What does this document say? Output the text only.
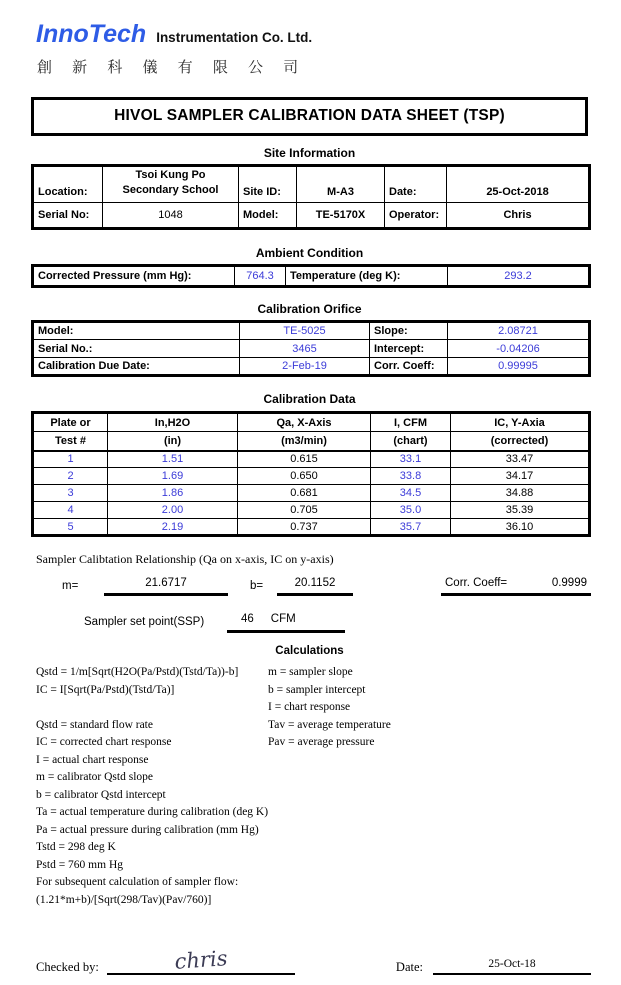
InnoTech Instrumentation Co. Ltd.
創 新 科 儀 有 限 公 司
HIVOL SAMPLER CALIBRATION DATA SHEET (TSP)
Site Information
Location:	Tsoi Kung Po Secondary School	Site ID:	M-A3	Date:	25-Oct-2018
Serial No:	1048	Model:	TE-5170X	Operator:	Chris
Ambient Condition
Corrected Pressure (mm Hg):	764.3	Temperature (deg K):	293.2
Calibration Orifice
Model:	TE-5025	Slope:	2.08721
Serial No.:	3465	Intercept:	-0.04206
Calibration Due Date:	2-Feb-19	Corr. Coeff:	0.99995
Calibration Data
Plate or	In,H2O	Qa, X-Axis	I, CFM	IC, Y-Axia
Test #	(in)	(m3/min)	(chart)	(corrected)
1	1.51	0.615	33.1	33.47
2	1.69	0.650	33.8	34.17
3	1.86	0.681	34.5	34.88
4	2.00	0.705	35.0	35.39
5	2.19	0.737	35.7	36.10
Sampler Calibtation Relationship (Qa on x-axis, IC on y-axis)
m=	21.6717	b=	20.1152	Corr. Coeff=	0.9999
Sampler set point(SSP)	46 CFM
Calculations
Qstd = 1/m[Sqrt(H2O(Pa/Pstd)(Tstd/Ta))-b]
IC = I[Sqrt(Pa/Pstd)(Tstd/Ta)]
Qstd = standard flow rate
IC = corrected chart response
I = actual chart response
m = calibrator Qstd slope
b = calibrator Qstd intercept
Ta = actual temperature during calibration (deg K)
Pa = actual pressure during calibration (mm Hg)
Tstd = 298 deg K
Pstd = 760 mm Hg
For subsequent calculation of sampler flow:
(1.21*m+b)/[Sqrt(298/Tav)(Pav/760)]
m = sampler slope
b = sampler intercept
I = chart response
Tav = average temperature
Pav = average pressure
Checked by:	chris	Date:	25-Oct-18
